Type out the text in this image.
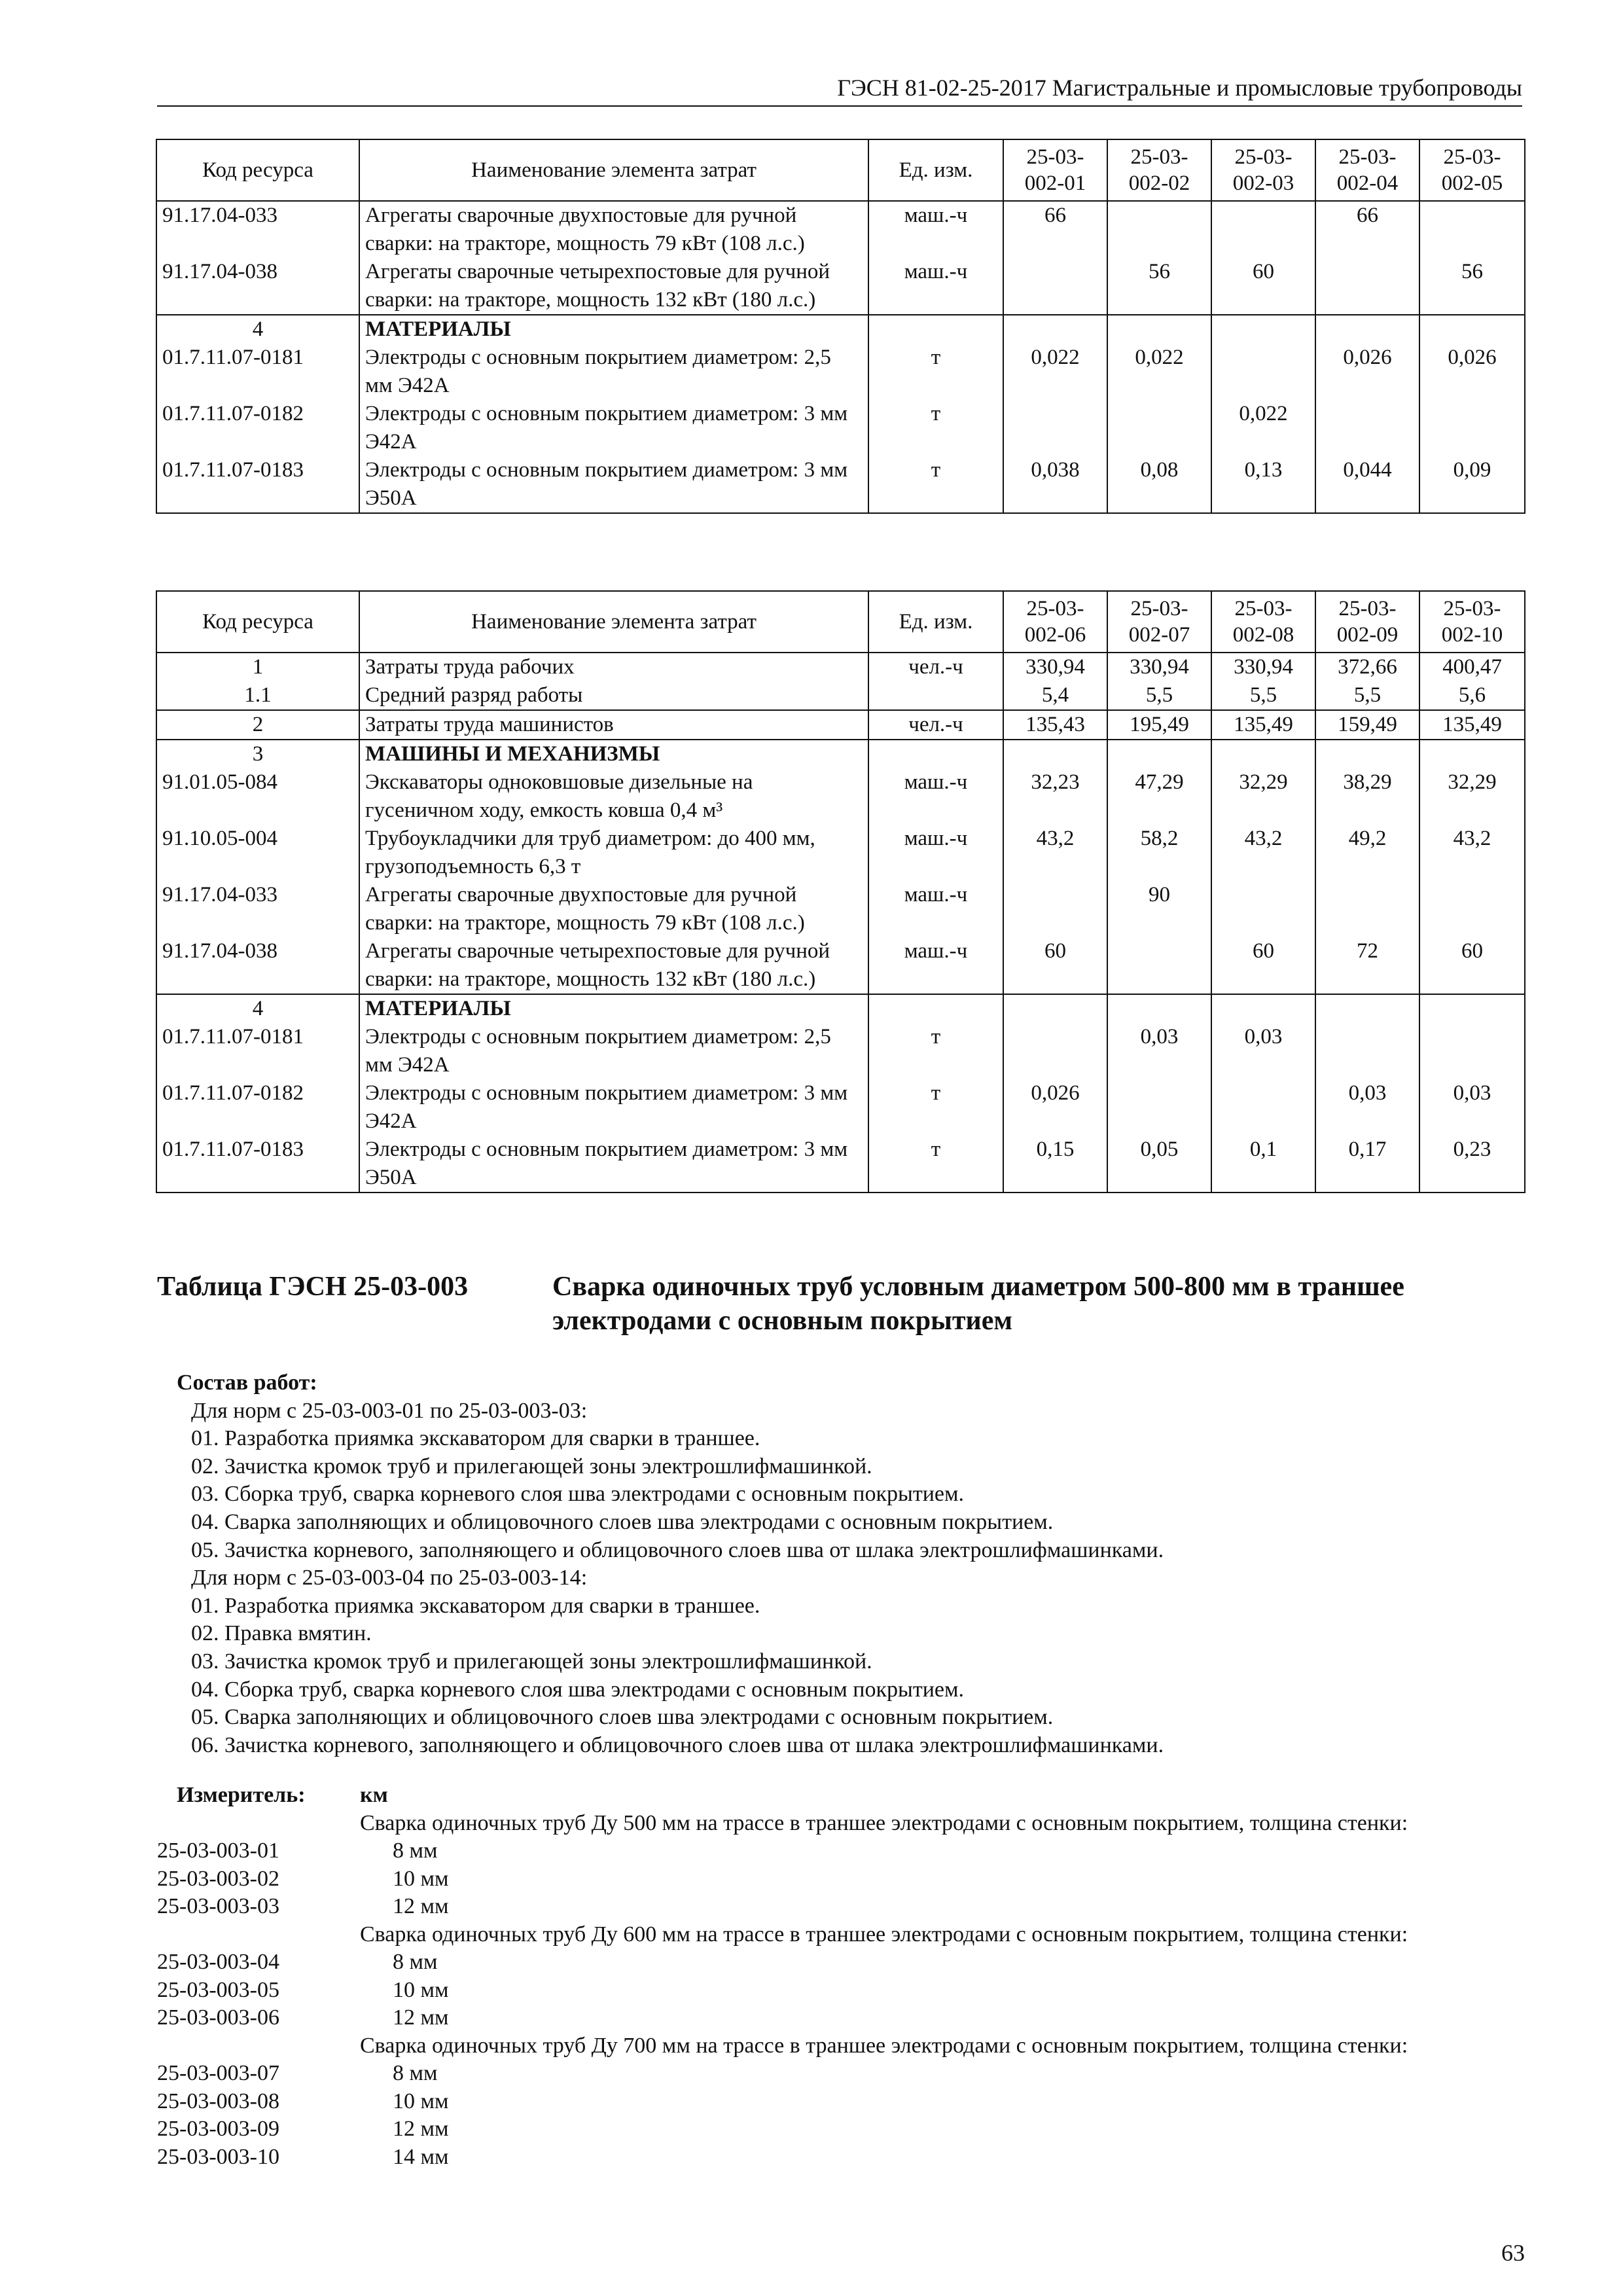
ГЭСН 81-02-25-2017 Магистральные и промысловые трубопроводы
Код ресурса	Наименование элемента затрат	Ед. изм.	25-03-
002-01	25-03-
002-02	25-03-
002-03	25-03-
002-04	25-03-
002-05
91.17.04-033	Агрегаты сварочные двухпостовые для ручной сварки: на тракторе, мощность 79 кВт (108 л.с.)	маш.-ч	66			66	
91.17.04-038	Агрегаты сварочные четырехпостовые для ручной сварки: на тракторе, мощность 132 кВт (180 л.с.)	маш.-ч		56	60		56
4	МАТЕРИАЛЫ						
01.7.11.07-0181	Электроды с основным покрытием диаметром: 2,5 мм Э42А	т	0,022	0,022		0,026	0,026
01.7.11.07-0182	Электроды с основным покрытием диаметром: 3 мм Э42А	т			0,022		
01.7.11.07-0183	Электроды с основным покрытием диаметром: 3 мм Э50А	т	0,038	0,08	0,13	0,044	0,09
Код ресурса	Наименование элемента затрат	Ед. изм.	25-03-
002-06	25-03-
002-07	25-03-
002-08	25-03-
002-09	25-03-
002-10
1	Затраты труда рабочих	чел.-ч	330,94	330,94	330,94	372,66	400,47
1.1	Средний разряд работы		5,4	5,5	5,5	5,5	5,6
2	Затраты труда машинистов	чел.-ч	135,43	195,49	135,49	159,49	135,49
3	МАШИНЫ И МЕХАНИЗМЫ						
91.01.05-084	Экскаваторы одноковшовые дизельные на гусеничном ходу, емкость ковша 0,4 м³	маш.-ч	32,23	47,29	32,29	38,29	32,29
91.10.05-004	Трубоукладчики для труб диаметром: до 400 мм, грузоподъемность 6,3 т	маш.-ч	43,2	58,2	43,2	49,2	43,2
91.17.04-033	Агрегаты сварочные двухпостовые для ручной сварки: на тракторе, мощность 79 кВт (108 л.с.)	маш.-ч		90			
91.17.04-038	Агрегаты сварочные четырехпостовые для ручной сварки: на тракторе, мощность 132 кВт (180 л.с.)	маш.-ч	60		60	72	60
4	МАТЕРИАЛЫ						
01.7.11.07-0181	Электроды с основным покрытием диаметром: 2,5 мм Э42А	т		0,03	0,03		
01.7.11.07-0182	Электроды с основным покрытием диаметром: 3 мм Э42А	т	0,026			0,03	0,03
01.7.11.07-0183	Электроды с основным покрытием диаметром: 3 мм Э50А	т	0,15	0,05	0,1	0,17	0,23
Таблица ГЭСН 25-03-003	Сварка одиночных труб условным диаметром 500-800 мм в траншее электродами с основным покрытием
Состав работ:
Для норм с 25-03-003-01 по 25-03-003-03:
01. Разработка приямка экскаватором для сварки в траншее.
02. Зачистка кромок труб и прилегающей зоны электрошлифмашинкой.
03. Сборка труб, сварка корневого слоя шва электродами с основным покрытием.
04. Сварка заполняющих и облицовочного слоев шва электродами с основным покрытием.
05. Зачистка корневого, заполняющего и облицовочного слоев шва от шлака электрошлифмашинками.
Для норм с 25-03-003-04 по 25-03-003-14:
01. Разработка приямка экскаватором для сварки в траншее.
02. Правка вмятин.
03. Зачистка кромок труб и прилегающей зоны электрошлифмашинкой.
04. Сборка труб, сварка корневого слоя шва электродами с основным покрытием.
05. Сварка заполняющих и облицовочного слоев шва электродами с основным покрытием.
06. Зачистка корневого, заполняющего и облицовочного слоев шва от шлака электрошлифмашинками.
Измеритель: км
Сварка одиночных труб Ду 500 мм на трассе в траншее электродами с основным покрытием, толщина стенки:
25-03-003-01	8 мм
25-03-003-02	10 мм
25-03-003-03	12 мм
Сварка одиночных труб Ду 600 мм на трассе в траншее электродами с основным покрытием, толщина стенки:
25-03-003-04	8 мм
25-03-003-05	10 мм
25-03-003-06	12 мм
Сварка одиночных труб Ду 700 мм на трассе в траншее электродами с основным покрытием, толщина стенки:
25-03-003-07	8 мм
25-03-003-08	10 мм
25-03-003-09	12 мм
25-03-003-10	14 мм
63
